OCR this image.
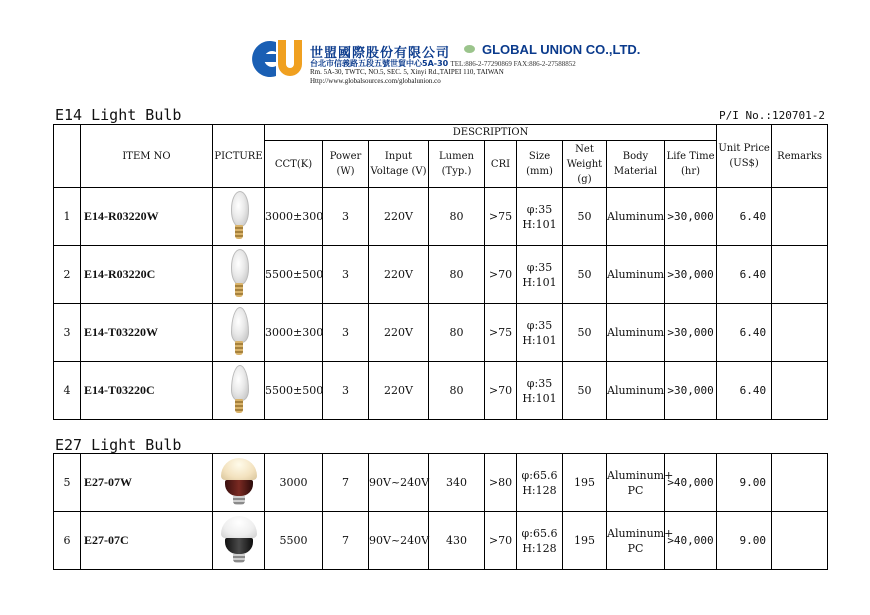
世盟國際股份有限公司 GLOBAL UNION CO.,LTD.
台北市信義路五段五號世貿中心5A-30 TEL:886-2-77290869 FAX:886-2-27588852
Rm. 5A-30, TWTC, NO.5, SEC. 5, Xinyi Rd.,TAIPEI 110, TAIWAN
Http://www.globalsources.com/globalunion.co
E14 Light Bulb	P/I No.:120701-2
	ITEM NO	PICTURE	DESCRIPTION									Unit Price (US$)	Remarks
			CCT(K)	Power (W)	Input Voltage (V)	Lumen (Typ.)	CRI	Size (mm)	Net Weight (g)	Body Material	Life Time (hr)		
1	E14-R03220W		3000±300	3	220V	80	>75	φ:35
H:101	50	Aluminum	>30,000	6.40	
2	E14-R03220C		5500±500	3	220V	80	>70	φ:35
H:101	50	Aluminum	>30,000	6.40	
3	E14-T03220W		3000±300	3	220V	80	>75	φ:35
H:101	50	Aluminum	>30,000	6.40	
4	E14-T03220C		5500±500	3	220V	80	>70	φ:35
H:101	50	Aluminum	>30,000	6.40	
E27 Light Bulb
5	E27-07W		3000	7	90V~240V	340	>80	φ:65.6
H:128	195	Aluminum+ PC	>40,000	9.00	
6	E27-07C		5500	7	90V~240V	430	>70	φ:65.6
H:128	195	Aluminum+ PC	>40,000	9.00	
